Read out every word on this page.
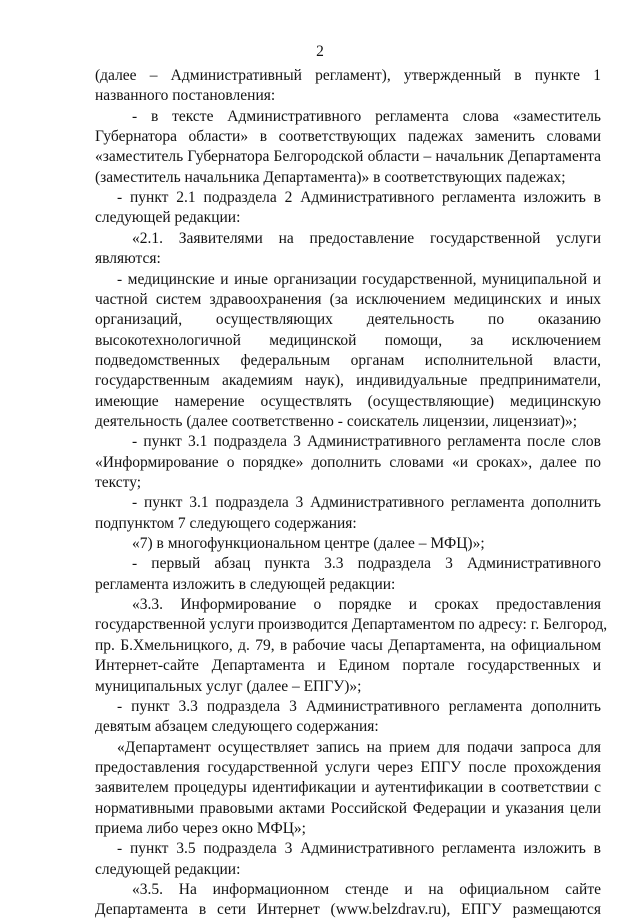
2
(далее – Административный регламент), утвержденный в пункте 1
названного постановления:
- в тексте Административного регламента слова «заместитель
Губернатора области» в соответствующих падежах заменить словами
«заместитель Губернатора Белгородской области – начальник Департамента
(заместитель начальника Департамента)» в соответствующих падежах;
- пункт 2.1 подраздела 2 Административного регламента изложить в
следующей редакции:
«2.1. Заявителями на предоставление государственной услуги
являются:
- медицинские и иные организации государственной, муниципальной и
частной систем здравоохранения (за исключением медицинских и иных
организаций, осуществляющих деятельность по оказанию
высокотехнологичной медицинской помощи, за исключением
подведомственных федеральным органам исполнительной власти,
государственным академиям наук), индивидуальные предприниматели,
имеющие намерение осуществлять (осуществляющие) медицинскую
деятельность (далее соответственно - соискатель лицензии, лицензиат)»;
- пункт 3.1 подраздела 3 Административного регламента после слов
«Информирование о порядке» дополнить словами «и сроках», далее по
тексту;
- пункт 3.1 подраздела 3 Административного регламента дополнить
подпунктом 7 следующего содержания:
«7) в многофункциональном центре (далее – МФЦ)»;
- первый абзац пункта 3.3 подраздела 3 Административного
регламента изложить в следующей редакции:
«3.3. Информирование о порядке и сроках предоставления
государственной услуги производится Департаментом по адресу: г. Белгород,
пр. Б.Хмельницкого, д. 79, в рабочие часы Департамента, на официальном
Интернет-сайте Департамента и Едином портале государственных и
муниципальных услуг (далее – ЕПГУ)»;
- пункт 3.3 подраздела 3 Административного регламента дополнить
девятым абзацем следующего содержания:
«Департамент осуществляет запись на прием для подачи запроса для
предоставления государственной услуги через ЕПГУ после прохождения
заявителем процедуры идентификации и аутентификации в соответствии с
нормативными правовыми актами Российской Федерации и указания цели
приема либо через окно МФЦ»;
- пункт 3.5 подраздела 3 Административного регламента изложить в
следующей редакции:
«3.5. На информационном стенде и на официальном сайте
Департамента в сети Интернет (www.belzdrav.ru), ЕПГУ размещаются
